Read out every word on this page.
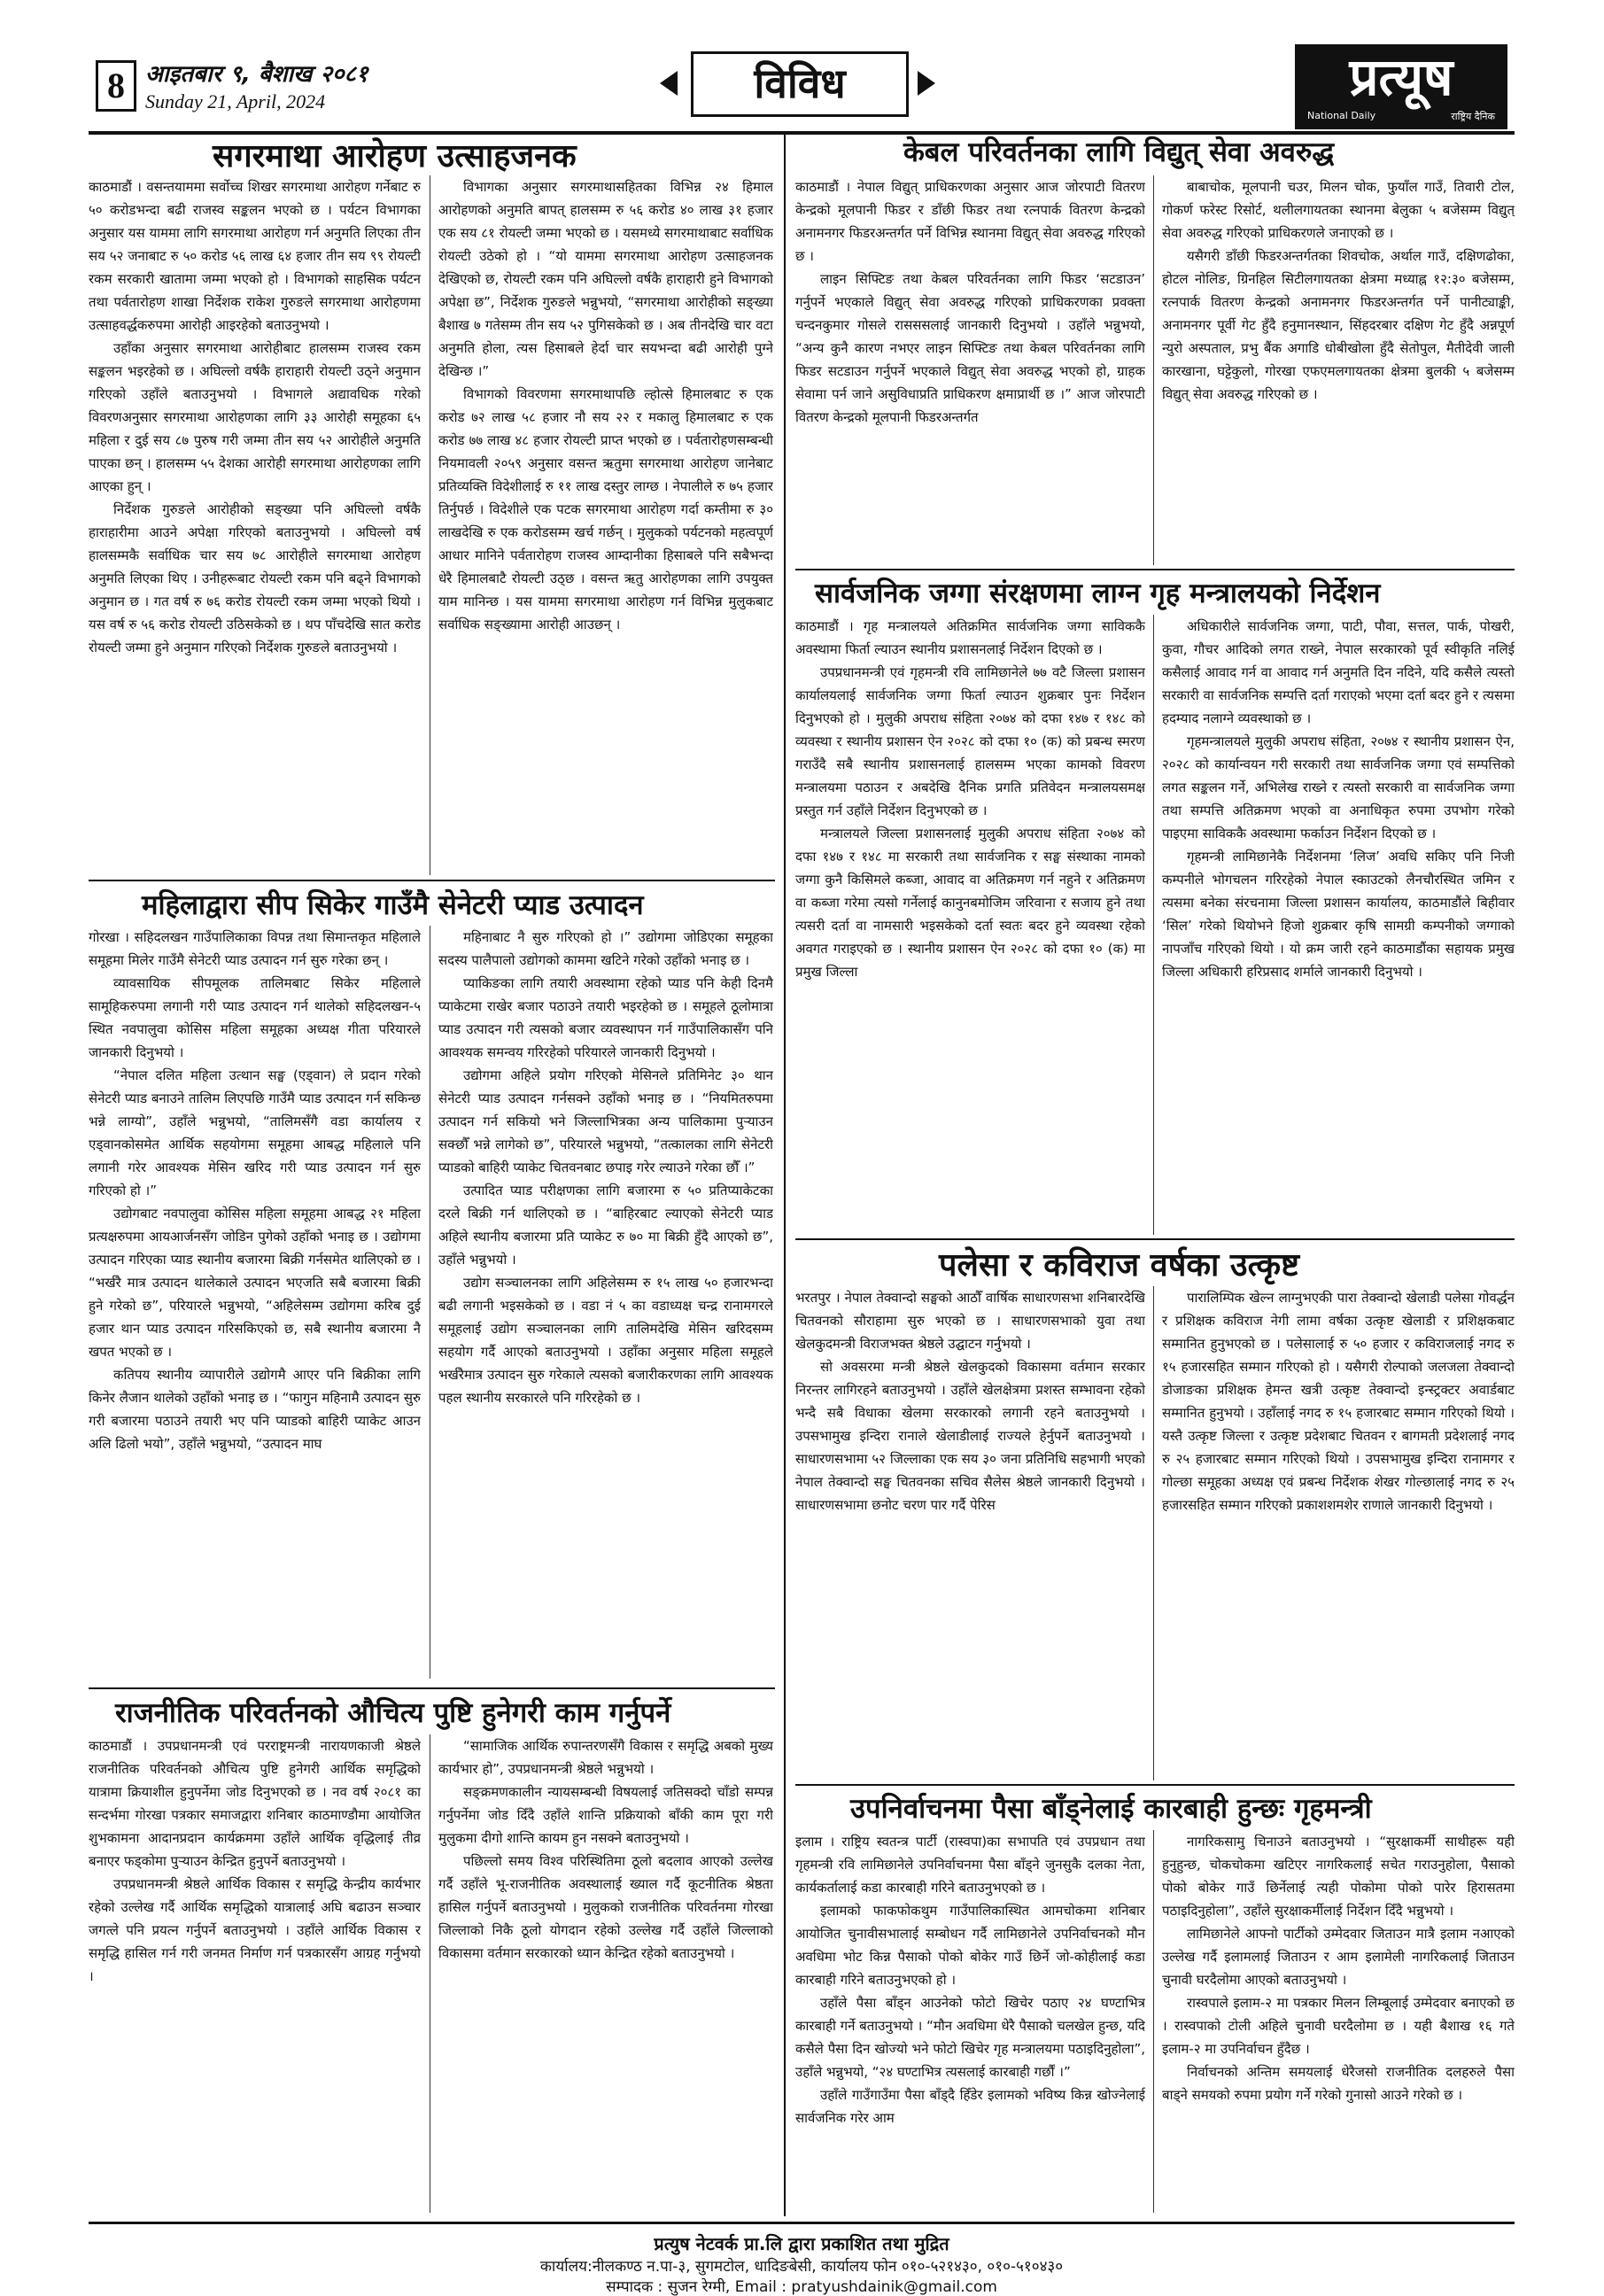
8 आइतबार ९, बैशाख २०८१
Sunday 21, April, 2024	विविध	प्रत्यूष
National Daily	राष्ट्रिय दैनिक
सगरमाथा आरोहण उत्साहजनक

काठमाडौं । वसन्तयाममा सर्वोच्च शिखर सगरमाथा आरोहण गर्नेबाट रु ५० करोडभन्दा बढी राजस्व सङ्कलन भएको छ । पर्यटन विभागका अनुसार यस याममा लागि सगरमाथा आरोहण गर्न अनुमति लिएका तीन सय ५२ जनाबाट रु ५० करोड ५६ लाख ६४ हजार तीन सय ९९ रोयल्टी रकम सरकारी खातामा जम्मा भएको हो । विभागको साहसिक पर्यटन तथा पर्वतारोहण शाखा निर्देशक राकेश गुरुङले सगरमाथा आरोहणमा उत्साहवर्द्धकरुपमा आरोही आइरहेको बताउनुभयो ।

उहाँका अनुसार सगरमाथा आरोहीबाट हालसम्म राजस्व रकम सङ्कलन भइरहेको छ । अघिल्लो वर्षकै हाराहारी रोयल्टी उठ्ने अनुमान गरिएको उहाँले बताउनुभयो । विभागले अद्यावधिक गरेको विवरणअनुसार सगरमाथा आरोहणका लागि ३३ आरोही समूहका ६५ महिला र दुई सय ८७ पुरुष गरी जम्मा तीन सय ५२ आरोहीले अनुमति पाएका छन् । हालसम्म ५५ देशका आरोही सगरमाथा आरोहणका लागि आएका हुन् ।

निर्देशक गुरुङले आरोहीको सङ्ख्या पनि अघिल्लो वर्षकै हाराहारीमा आउने अपेक्षा गरिएको बताउनुभयो । अघिल्लो वर्ष हालसम्मकै सर्वाधिक चार सय ७८ आरोहीले सगरमाथा आरोहण अनुमति लिएका थिए । उनीहरूबाट रोयल्टी रकम पनि बढ्ने विभागको अनुमान छ । गत वर्ष रु ७६ करोड रोयल्टी रकम जम्मा भएको थियो । यस वर्ष रु ५६ करोड रोयल्टी उठिसकेको छ । थप पाँचदेखि सात करोड रोयल्टी जम्मा हुने अनुमान गरिएको निर्देशक गुरुङले बताउनुभयो ।

विभागका अनुसार सगरमाथासहितका विभिन्न २४ हिमाल आरोहणको अनुमति बापत् हालसम्म रु ५६ करोड ४० लाख ३१ हजार एक सय ८१ रोयल्टी जम्मा भएको छ । यसमध्ये सगरमाथाबाट सर्वाधिक रोयल्टी उठेको हो । “यो याममा सगरमाथा आरोहण उत्साहजनक देखिएको छ, रोयल्टी रकम पनि अघिल्लो वर्षकै हाराहारी हुने विभागको अपेक्षा छ”, निर्देशक गुरुङले भन्नुभयो, “सगरमाथा आरोहीको सङ्ख्या बैशाख ७ गतेसम्म तीन सय ५२ पुगिसकेको छ । अब तीनदेखि चार वटा अनुमति होला, त्यस हिसाबले हेर्दा चार सयभन्दा बढी आरोही पुग्ने देखिन्छ ।”

विभागको विवरणमा सगरमाथापछि ल्होत्से हिमालबाट रु एक करोड ७२ लाख ५८ हजार नौ सय २२ र मकालु हिमालबाट रु एक करोड ७७ लाख ४८ हजार रोयल्टी प्राप्त भएको छ । पर्वतारोहणसम्बन्धी नियमावली २०५९ अनुसार वसन्त ऋतुमा सगरमाथा आरोहण जानेबाट प्रतिव्यक्ति विदेशीलाई रु ११ लाख दस्तुर लाग्छ । नेपालीले रु ७५ हजार तिर्नुपर्छ । विदेशीले एक पटक सगरमाथा आरोहण गर्दा कम्तीमा रु ३० लाखदेखि रु एक करोडसम्म खर्च गर्छन् । मुलुकको पर्यटनको महत्वपूर्ण आधार मानिने पर्वतारोहण राजस्व आम्दानीका हिसाबले पनि सबैभन्दा धेरै हिमालबाटै रोयल्टी उठ्छ । वसन्त ऋतु आरोहणका लागि उपयुक्त याम मानिन्छ । यस याममा सगरमाथा आरोहण गर्न विभिन्न मुलुकबाट सर्वाधिक सङ्ख्यामा आरोही आउछन् ।

महिलाद्वारा सीप सिकेर गाउँमै सेनेटरी प्याड उत्पादन

गोरखा । सहिदलखन गाउँपालिकाका विपन्न तथा सिमान्तकृत महिलाले समूहमा मिलेर गाउँमै सेनेटरी प्याड उत्पादन गर्न सुरु गरेका छन् ।

व्यावसायिक सीपमूलक तालिमबाट सिकेर महिलाले सामूहिकरुपमा लगानी गरी प्याड उत्पादन गर्न थालेको सहिदलखन-५ स्थित नवपालुवा कोसिस महिला समूहका अध्यक्ष गीता परियारले जानकारी दिनुभयो ।

“नेपाल दलित महिला उत्थान सङ्घ (एड्वान) ले प्रदान गरेको सेनेटरी प्याड बनाउने तालिम लिएपछि गाउँमै प्याड उत्पादन गर्न सकिन्छ भन्ने लाग्यो”, उहाँले भन्नुभयो, “तालिमसँगै वडा कार्यालय र एड्वानकोसमेत आर्थिक सहयोगमा समूहमा आबद्ध महिलाले पनि लगानी गरेर आवश्यक मेसिन खरिद गरी प्याड उत्पादन गर्न सुरु गरिएको हो ।”

उद्योगबाट नवपालुवा कोसिस महिला समूहमा आबद्ध २१ महिला प्रत्यक्षरुपमा आयआर्जनसँग जोडिन पुगेको उहाँको भनाइ छ । उद्योगमा उत्पादन गरिएका प्याड स्थानीय बजारमा बिक्री गर्नसमेत थालिएको छ । “भर्खरै मात्र उत्पादन थालेकाले उत्पादन भएजति सबै बजारमा बिक्री हुने गरेको छ”, परियारले भन्नुभयो, “अहिलेसम्म उद्योगमा करिब दुई हजार थान प्याड उत्पादन गरिसकिएको छ, सबै स्थानीय बजारमा नै खपत भएको छ ।

कतिपय स्थानीय व्यापारीले उद्योगमै आएर पनि बिक्रीका लागि किनेर लैजान थालेको उहाँको भनाइ छ । “फागुन महिनामै उत्पादन सुरु गरी बजारमा पठाउने तयारी भए पनि प्याडको बाहिरी प्याकेट आउन अलि ढिलो भयो”, उहाँले भन्नुभयो, “उत्पादन माघ

महिनाबाट नै सुरु गरिएको हो ।” उद्योगमा जोडिएका समूहका सदस्य पालैपालो उद्योगको काममा खटिने गरेको उहाँको भनाइ छ ।

प्याकिङका लागि तयारी अवस्थामा रहेको प्याड पनि केही दिनमै प्याकेटमा राखेर बजार पठाउने तयारी भइरहेको छ । समूहले ठूलोमात्रा प्याड उत्पादन गरी त्यसको बजार व्यवस्थापन गर्न गाउँपालिकासँग पनि आवश्यक समन्वय गरिरहेको परियारले जानकारी दिनुभयो ।

उद्योगमा अहिले प्रयोग गरिएको मेसिनले प्रतिमिनेट ३० थान सेनेटरी प्याड उत्पादन गर्नसक्ने उहाँको भनाइ छ । “नियमितरुपमा उत्पादन गर्न सकियो भने जिल्लाभित्रका अन्य पालिकामा पुऱ्याउन सक्छौँ भन्ने लागेको छ”, परियारले भन्नुभयो, “तत्कालका लागि सेनेटरी प्याडको बाहिरी प्याकेट चितवनबाट छपाइ गरेर ल्याउने गरेका छौँ ।”

उत्पादित प्याड परीक्षणका लागि बजारमा रु ५० प्रतिप्याकेटका दरले बिक्री गर्न थालिएको छ । “बाहिरबाट ल्याएको सेनेटरी प्याड अहिले स्थानीय बजारमा प्रति प्याकेट रु ७० मा बिक्री हुँदै आएको छ”, उहाँले भन्नुभयो ।

उद्योग सञ्चालनका लागि अहिलेसम्म रु १५ लाख ५० हजारभन्दा बढी लगानी भइसकेको छ । वडा नं ५ का वडाध्यक्ष चन्द्र रानामगरले समूहलाई उद्योग सञ्चालनका लागि तालिमदेखि मेसिन खरिदसम्म सहयोग गर्दै आएको बताउनुभयो । उहाँका अनुसार महिला समूहले भर्खरैमात्र उत्पादन सुरु गरेकाले त्यसको बजारीकरणका लागि आवश्यक पहल स्थानीय सरकारले पनि गरिरहेको छ ।

राजनीतिक परिवर्तनको औचित्य पुष्टि हुनेगरी काम गर्नुपर्ने

काठमाडौं । उपप्रधानमन्त्री एवं परराष्ट्रमन्त्री नारायणकाजी श्रेष्ठले राजनीतिक परिवर्तनको औचित्य पुष्टि हुनेगरी आर्थिक समृद्धिको यात्रामा क्रियाशील हुनुपर्नेमा जोड दिनुभएको छ । नव वर्ष २०८१ का सन्दर्भमा गोरखा पत्रकार समाजद्वारा शनिबार काठमाण्डौमा आयोजित शुभकामना आदानप्रदान कार्यक्रममा उहाँले आर्थिक वृद्धिलाई तीव्र बनाएर फड्कोमा पुऱ्याउन केन्द्रित हुनुपर्ने बताउनुभयो ।

उपप्रधानमन्त्री श्रेष्ठले आर्थिक विकास र समृद्धि केन्द्रीय कार्यभार रहेको उल्लेख गर्दै आर्थिक समृद्धिको यात्रालाई अघि बढाउन सञ्चार जगत्ले पनि प्रयत्न गर्नुपर्ने बताउनुभयो । उहाँले आर्थिक विकास र समृद्धि हासिल गर्न गरी जनमत निर्माण गर्न पत्रकारसँग आग्रह गर्नुभयो ।

“सामाजिक आर्थिक रुपान्तरणसँगै विकास र समृद्धि अबको मुख्य कार्यभार हो”, उपप्रधानमन्त्री श्रेष्ठले भन्नुभयो ।

सङ्क्रमणकालीन न्यायसम्बन्धी विषयलाई जतिसक्दो चाँडो सम्पन्न गर्नुपर्नेमा जोड दिँदै उहाँले शान्ति प्रक्रियाको बाँकी काम पूरा गरी मुलुकमा दीगो शान्ति कायम हुन नसक्ने बताउनुभयो ।

पछिल्लो समय विश्व परिस्थितिमा ठूलो बदलाव आएको उल्लेख गर्दै उहाँले भू-राजनीतिक अवस्थालाई ख्याल गर्दै कूटनीतिक श्रेष्ठता हासिल गर्नुपर्ने बताउनुभयो । मुलुकको राजनीतिक परिवर्तनमा गोरखा जिल्लाको निकै ठूलो योगदान रहेको उल्लेख गर्दै उहाँले जिल्लाको विकासमा वर्तमान सरकारको ध्यान केन्द्रित रहेको बताउनुभयो ।

केबल परिवर्तनका लागि विद्युत् सेवा अवरुद्ध

काठमाडौं । नेपाल विद्युत् प्राधिकरणका अनुसार आज जोरपाटी वितरण केन्द्रको मूलपानी फिडर र डाँछी फिडर तथा रत्नपार्क वितरण केन्द्रको अनामनगर फिडरअन्तर्गत पर्ने विभिन्न स्थानमा विद्युत् सेवा अवरुद्ध गरिएको छ ।

लाइन सिफ्टिङ तथा केबल परिवर्तनका लागि फिडर ‘सटडाउन’ गर्नुपर्ने भएकाले विद्युत् सेवा अवरुद्ध गरिएको प्राधिकरणका प्रवक्ता चन्दनकुमार गोसले रासससलाई जानकारी दिनुभयो । उहाँले भन्नुभयो, “अन्य कुनै कारण नभएर लाइन सिफ्टिङ तथा केबल परिवर्तनका लागि फिडर सटडाउन गर्नुपर्ने भएकाले विद्युत् सेवा अवरुद्ध भएको हो, ग्राहक सेवामा पर्न जाने असुविधाप्रति प्राधिकरण क्षमाप्रार्थी छ ।” आज जोरपाटी वितरण केन्द्रको मूलपानी फिडरअन्तर्गत

बाबाचोक, मूलपानी चउर, मिलन चोक, फुयाँल गाउँ, तिवारी टोल, गोकर्ण फरेस्ट रिसोर्ट, थलीलगायतका स्थानमा बेलुका ५ बजेसम्म विद्युत् सेवा अवरुद्ध गरिएको प्राधिकरणले जनाएको छ ।

यसैगरी डाँछी फिडरअन्तर्गतका शिवचोक, अर्थाल गाउँ, दक्षिणढोका, होटल नोलिङ, ग्रिनहिल सिटीलगायतका क्षेत्रमा मध्याह्न १२:३० बजेसम्म, रत्नपार्क वितरण केन्द्रको अनामनगर फिडरअन्तर्गत पर्ने पानीट्याङ्की, अनामनगर पूर्वी गेट हुँदै हनुमानस्थान, सिंहदरबार दक्षिण गेट हुँदै अन्नपूर्ण न्युरो अस्पताल, प्रभु बैंक अगाडि धोबीखोला हुँदै सेतोपुल, मैतीदेवी जाली कारखाना, घट्टेकुलो, गोरखा एफएमलगायतका क्षेत्रमा बुलकी ५ बजेसम्म विद्युत् सेवा अवरुद्ध गरिएको छ ।

सार्वजनिक जग्गा संरक्षणमा लाग्न गृह मन्त्रालयको निर्देशन

काठमाडौं । गृह मन्त्रालयले अतिक्रमित सार्वजनिक जग्गा साविककै अवस्थामा फिर्ता ल्याउन स्थानीय प्रशासनलाई निर्देशन दिएको छ ।

उपप्रधानमन्त्री एवं गृहमन्त्री रवि लामिछानेले ७७ वटै जिल्ला प्रशासन कार्यालयलाई सार्वजनिक जग्गा फिर्ता ल्याउन शुक्रबार पुनः निर्देशन दिनुभएको हो । मुलुकी अपराध संहिता २०७४ को दफा १४७ र १४८ को व्यवस्था र स्थानीय प्रशासन ऐन २०२८ को दफा १० (क) को प्रबन्ध स्मरण गराउँदै सबै स्थानीय प्रशासनलाई हालसम्म भएका कामको विवरण मन्त्रालयमा पठाउन र अबदेखि दैनिक प्रगति प्रतिवेदन मन्त्रालयसमक्ष प्रस्तुत गर्न उहाँले निर्देशन दिनुभएको छ ।

मन्त्रालयले जिल्ला प्रशासनलाई मुलुकी अपराध संहिता २०७४ को दफा १४७ र १४८ मा सरकारी तथा सार्वजनिक र सङ्घ संस्थाका नामको जग्गा कुनै किसिमले कब्जा, आवाद वा अतिक्रमण गर्न नहुने र अतिक्रमण वा कब्जा गरेमा त्यसो गर्नेलाई कानुनबमोजिम जरिवाना र सजाय हुने तथा त्यसरी दर्ता वा नामसारी भइसकेको दर्ता स्वतः बदर हुने व्यवस्था रहेको अवगत गराइएको छ । स्थानीय प्रशासन ऐन २०२८ को दफा १० (क) मा प्रमुख जिल्ला

अधिकारीले सार्वजनिक जग्गा, पाटी, पौवा, सत्तल, पार्क, पोखरी, कुवा, गौचर आदिको लगत राख्ने, नेपाल सरकारको पूर्व स्वीकृति नलिई कसैलाई आवाद गर्न वा आवाद गर्न अनुमति दिन नदिने, यदि कसैले त्यस्तो सरकारी वा सार्वजनिक सम्पत्ति दर्ता गराएको भएमा दर्ता बदर हुने र त्यसमा हदम्याद नलाग्ने व्यवस्थाको छ ।

गृहमन्त्रालयले मुलुकी अपराध संहिता, २०७४ र स्थानीय प्रशासन ऐन, २०२८ को कार्यान्वयन गरी सरकारी तथा सार्वजनिक जग्गा एवं सम्पत्तिको लगत सङ्कलन गर्ने, अभिलेख राख्ने र त्यस्तो सरकारी वा सार्वजनिक जग्गा तथा सम्पत्ति अतिक्रमण भएको वा अनाधिकृत रुपमा उपभोग गरेको पाइएमा साविककै अवस्थामा फर्काउन निर्देशन दिएको छ ।

गृहमन्त्री लामिछानेकै निर्देशनमा ‘लिज’ अवधि सकिए पनि निजी कम्पनीले भोगचलन गरिरहेको नेपाल स्काउटको लैनचौरस्थित जमिन र त्यसमा बनेका संरचनामा जिल्ला प्रशासन कार्यालय, काठमाडौंले बिहीवार ‘सिल’ गरेको थियोभने हिजो शुक्रबार कृषि सामग्री कम्पनीको जग्गाको नापजाँच गरिएको थियो । यो क्रम जारी रहने काठमाडौंका सहायक प्रमुख जिल्ला अधिकारी हरिप्रसाद शर्माले जानकारी दिनुभयो ।

पलेसा र कविराज वर्षका उत्कृष्ट

भरतपुर । नेपाल तेक्वान्दो सङ्घको आठौँ वार्षिक साधारणसभा शनिबारदेखि चितवनको सौराहामा सुरु भएको छ । साधारणसभाको युवा तथा खेलकुदमन्त्री विराजभक्त श्रेष्ठले उद्घाटन गर्नुभयो ।

सो अवसरमा मन्त्री श्रेष्ठले खेलकुदको विकासमा वर्तमान सरकार निरन्तर लागिरहने बताउनुभयो । उहाँले खेलक्षेत्रमा प्रशस्त सम्भावना रहेको भन्दै सबै विधाका खेलमा सरकारको लगानी रहने बताउनुभयो । उपसभामुख इन्दिरा रानाले खेलाडीलाई राज्यले हेर्नुपर्ने बताउनुभयो । साधारणसभामा ५२ जिल्लाका एक सय ३० जना प्रतिनिधि सहभागी भएको नेपाल तेक्वान्दो सङ्घ चितवनका सचिव सैलेस श्रेष्ठले जानकारी दिनुभयो । साधारणसभामा छनोट चरण पार गर्दै पेरिस

पारालिम्पिक खेल्न लाग्नुभएकी पारा तेक्वान्दो खेलाडी पलेसा गोवर्द्धन र प्रशिक्षक कविराज नेगी लामा वर्षका उत्कृष्ट खेलाडी र प्रशिक्षकबाट सम्मानित हुनुभएको छ । पलेसालाई रु ५० हजार र कविराजलाई नगद रु १५ हजारसहित सम्मान गरिएको हो । यसैगरी रोल्पाको जलजला तेक्वान्दो डोजाङका प्रशिक्षक हेमन्त खत्री उत्कृष्ट तेक्वान्दो इन्स्ट्रक्टर अवार्डबाट सम्मानित हुनुभयो । उहाँलाई नगद रु १५ हजारबाट सम्मान गरिएको थियो । यस्तै उत्कृष्ट जिल्ला र उत्कृष्ट प्रदेशबाट चितवन र बागमती प्रदेशलाई नगद रु २५ हजारबाट सम्मान गरिएको थियो । उपसभामुख इन्दिरा रानामगर र गोल्छा समूहका अध्यक्ष एवं प्रबन्ध निर्देशक शेखर गोल्छालाई नगद रु २५ हजारसहित सम्मान गरिएको प्रकाशशमशेर राणाले जानकारी दिनुभयो ।

उपनिर्वाचनमा पैसा बाँड्नेलाई कारबाही हुन्छः गृहमन्त्री

इलाम । राष्ट्रिय स्वतन्त्र पार्टी (रास्वपा)का सभापति एवं उपप्रधान तथा गृहमन्त्री रवि लामिछानेले उपनिर्वाचनमा पैसा बाँड्ने जुनसुकै दलका नेता, कार्यकर्तालाई कडा कारबाही गरिने बताउनुभएको छ ।

इलामको फाकफोकथुम गाउँपालिकास्थित आमचोकमा शनिबार आयोजित चुनावीसभालाई सम्बोधन गर्दै लामिछानेले उपनिर्वाचनको मौन अवधिमा भोट किन्न पैसाको पोको बोकेर गाउँ छिर्ने जो-कोहीलाई कडा कारबाही गरिने बताउनुभएको हो ।

उहाँले पैसा बाँड्न आउनेको फोटो खिचेर पठाए २४ घण्टाभित्र कारबाही गर्ने बताउनुभयो । “मौन अवधिमा धेरै पैसाको चलखेल हुन्छ, यदि कसैले पैसा दिन खोज्यो भने फोटो खिचेर गृह मन्त्रालयमा पठाइदिनुहोला”, उहाँले भन्नुभयो, “२४ घण्टाभित्र त्यसलाई कारबाही गर्छौं ।”

उहाँले गाउँगाउँमा पैसा बाँड्दै हिँडेर इलामको भविष्य किन्न खोज्नेलाई सार्वजनिक गरेर आम

नागरिकसामु चिनाउने बताउनुभयो । “सुरक्षाकर्मी साथीहरू यही हुनुहुन्छ, चोकचोकमा खटिएर नागरिकलाई सचेत गराउनुहोला, पैसाको पोको बोकेर गाउँ छिर्नेलाई त्यही पोकोमा पोको पारेर हिरासतमा पठाइदिनुहोला”, उहाँले सुरक्षाकर्मीलाई निर्देशन दिँदै भन्नुभयो ।

लामिछानेले आफ्नो पार्टीको उम्मेदवार जिताउन मात्रै इलाम नआएको उल्लेख गर्दै इलामलाई जिताउन र आम इलामेली नागरिकलाई जिताउन चुनावी घरदैलोमा आएको बताउनुभयो ।

रास्वपाले इलाम-२ मा पत्रकार मिलन लिम्बूलाई उम्मेदवार बनाएको छ । रास्वपाको टोली अहिले चुनावी घरदैलोमा छ । यही बैशाख १६ गते इलाम-२ मा उपनिर्वाचन हुँदैछ ।

निर्वाचनको अन्तिम समयलाई धेरैजसो राजनीतिक दलहरुले पैसा बाड्ने समयको रुपमा प्रयोग गर्ने गरेको गुनासो आउने गरेको छ ।

प्रत्युष नेटवर्क प्रा.लि द्वारा प्रकाशित तथा मुद्रित
कार्यालय:नीलकण्ठ न.पा-३, सुगमटोल, धादिङबेसी, कार्यालय फोन ०१०-५२१४३०, ०१०-५१०४३०
सम्पादक : सुजन रेग्मी, Email : pratyushdainik@gmail.com
